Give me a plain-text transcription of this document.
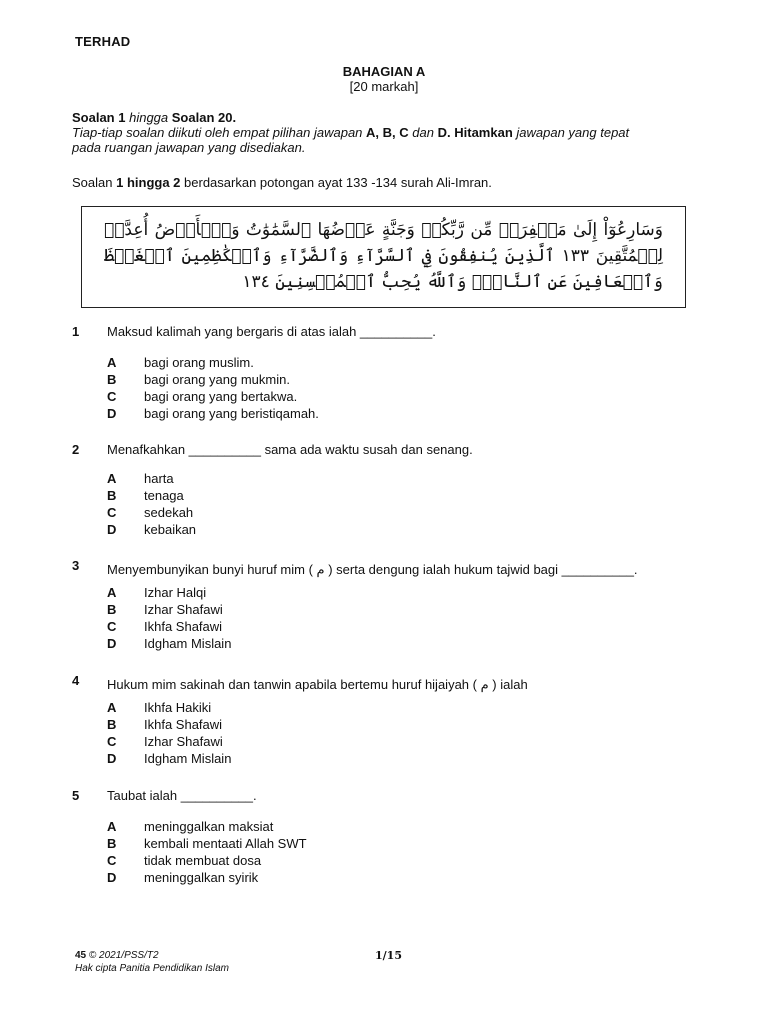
TERHAD
BAHAGIAN A
[20 markah]
Soalan 1 hingga Soalan 20.
Tiap-tiap soalan diikuti oleh empat pilihan jawapan A, B, C dan D. Hitamkan jawapan yang tepat
pada ruangan jawapan yang disediakan.
Soalan 1 hingga 2 berdasarkan potongan ayat 133 -134 surah Ali-Imran.
وَسَارِعُوٓاْ إِلَىٰ مَغۡفِرَةٖ مِّن رَّبِّكُمۡ وَجَنَّةٍ عَرۡضُهَا ٱلسَّمَٰوَٰتُ وَٱلۡأَرۡضُ أُعِدَّتۡ لِلۡمُتَّقِينَ ١٣٣ ٱلَّذِينَ يُنفِقُونَ فِي ٱلسَّرَّآءِ وَٱلضَّرَّآءِ وَٱلۡكَٰظِمِينَ ٱلۡغَيۡظَ وَٱلۡعَافِينَ عَنِ ٱلنَّاسِۗ وَٱللَّهُ يُحِبُّ ٱلۡمُحۡسِنِينَ ١٣٤
1 Maksud kalimah yang bergaris di atas ialah __________.
A bagi orang muslim.
B bagi orang yang mukmin.
C bagi orang yang bertakwa.
D bagi orang yang beristiqamah.
2 Menafkahkan __________ sama ada waktu susah dan senang.
A harta
B tenaga
C sedekah
D kebaikan
3 Menyembunyikan bunyi huruf mim ( م ) serta dengung ialah hukum tajwid bagi __________.
A Izhar Halqi
B Izhar Shafawi
C Ikhfa Shafawi
D Idgham Mislain
4 Hukum mim sakinah dan tanwin apabila bertemu huruf hijaiyah ( م ) ialah
A Ikhfa Hakiki
B Ikhfa Shafawi
C Izhar Shafawi
D Idgham Mislain
5 Taubat ialah __________.
A meninggalkan maksiat
B kembali mentaati Allah SWT
C tidak membuat dosa
D meninggalkan syirik
45 © 2021/PSS/T2
Hak cipta Panitia Pendidikan Islam
1/15
